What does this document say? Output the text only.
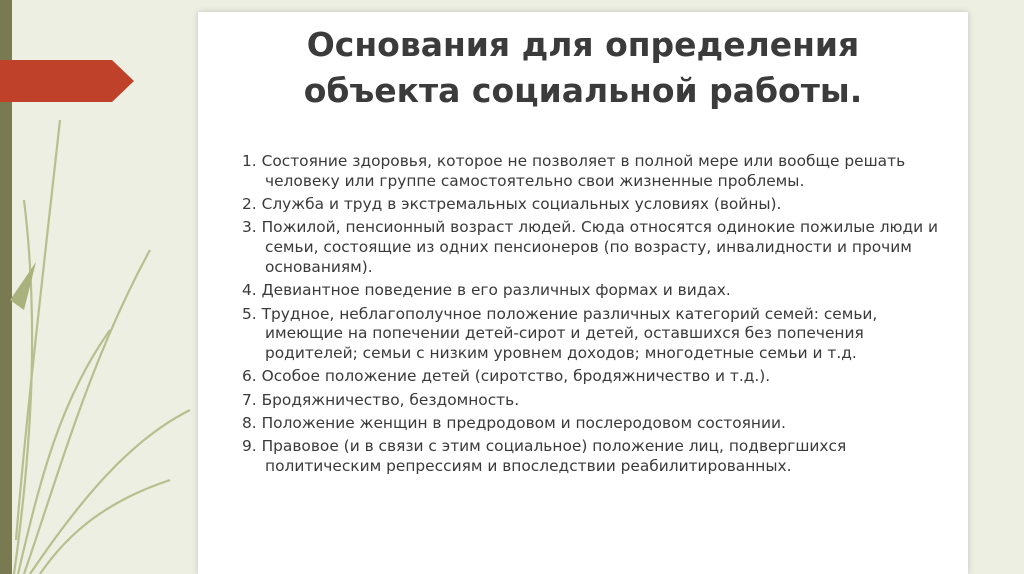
Основания для определения
объекта социальной работы.
1. Состояние здоровья, которое не позволяет в полной мере или вообще решать человеку или группе самостоятельно свои жизненные проблемы.
2. Служба и труд в экстремальных социальных условиях (войны).
3. Пожилой, пенсионный возраст людей. Сюда относятся одинокие пожилые люди и семьи, состоящие из одних пенсионеров (по возрасту, инвалидности и прочим основаниям).
4. Девиантное поведение в его различных формах и видах.
5. Трудное, неблагополучное положение различных категорий семей: семьи, имеющие на попечении детей-сирот и детей, оставшихся без попечения родителей; семьи с низким уровнем доходов; многодетные семьи и т.д.
6. Особое положение детей (сиротство, бродяжничество и т.д.).
7. Бродяжничество, бездомность.
8. Положение женщин в предродовом и послеродовом состоянии.
9. Правовое (и в связи с этим социальное) положение лиц, подвергшихся политическим репрессиям и впоследствии реабилитированных.
